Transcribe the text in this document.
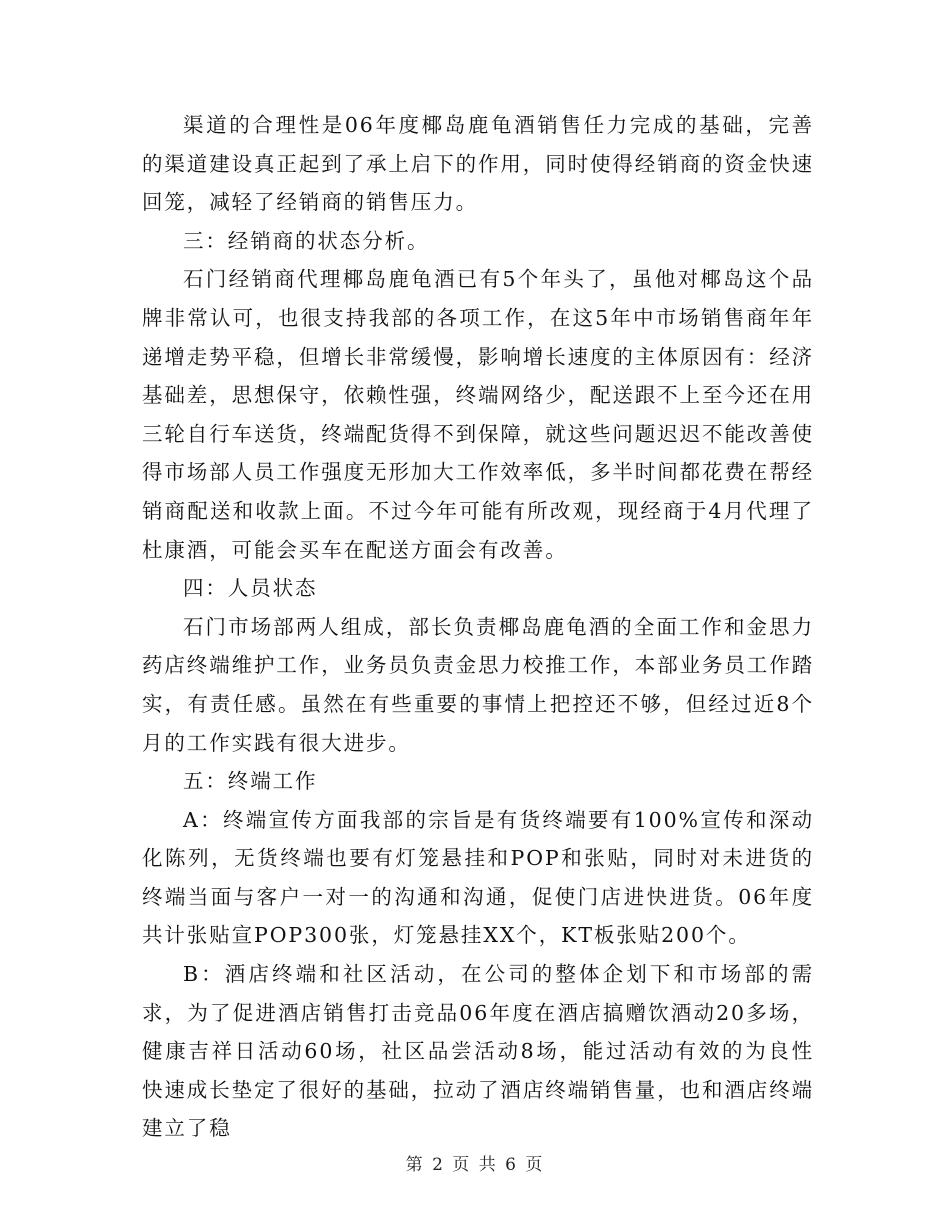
渠道的合理性是06年度椰岛鹿龟酒销售任力完成的基础，完善的渠道建设真正起到了承上启下的作用，同时使得经销商的资金快速回笼，减轻了经销商的销售压力。

三：经销商的状态分析。

石门经销商代理椰岛鹿龟酒已有5个年头了，虽他对椰岛这个品牌非常认可，也很支持我部的各项工作，在这5年中市场销售商年年递增走势平稳，但增长非常缓慢，影响增长速度的主体原因有：经济基础差，思想保守，依赖性强，终端网络少，配送跟不上至今还在用三轮自行车送货，终端配货得不到保障，就这些问题迟迟不能改善使得市场部人员工作强度无形加大工作效率低，多半时间都花费在帮经销商配送和收款上面。不过今年可能有所改观，现经商于4月代理了杜康酒，可能会买车在配送方面会有改善。

四：人员状态

石门市场部两人组成，部长负责椰岛鹿龟酒的全面工作和金思力药店终端维护工作，业务员负责金思力校推工作，本部业务员工作踏实，有责任感。虽然在有些重要的事情上把控还不够，但经过近8个月的工作实践有很大进步。

五：终端工作

A：终端宣传方面我部的宗旨是有货终端要有100%宣传和深动化陈列，无货终端也要有灯笼悬挂和POP和张贴，同时对未进货的终端当面与客户一对一的沟通和沟通，促使门店进快进货。06年度共计张贴宣POP300张，灯笼悬挂XX个，KT板张贴200个。

B：酒店终端和社区活动，在公司的整体企划下和市场部的需求，为了促进酒店销售打击竞品06年度在酒店搞赠饮酒动20多场，健康吉祥日活动60场，社区品尝活动8场，能过活动有效的为良性快速成长垫定了很好的基础，拉动了酒店终端销售量，也和酒店终端建立了稳

第 2 页 共 6 页
